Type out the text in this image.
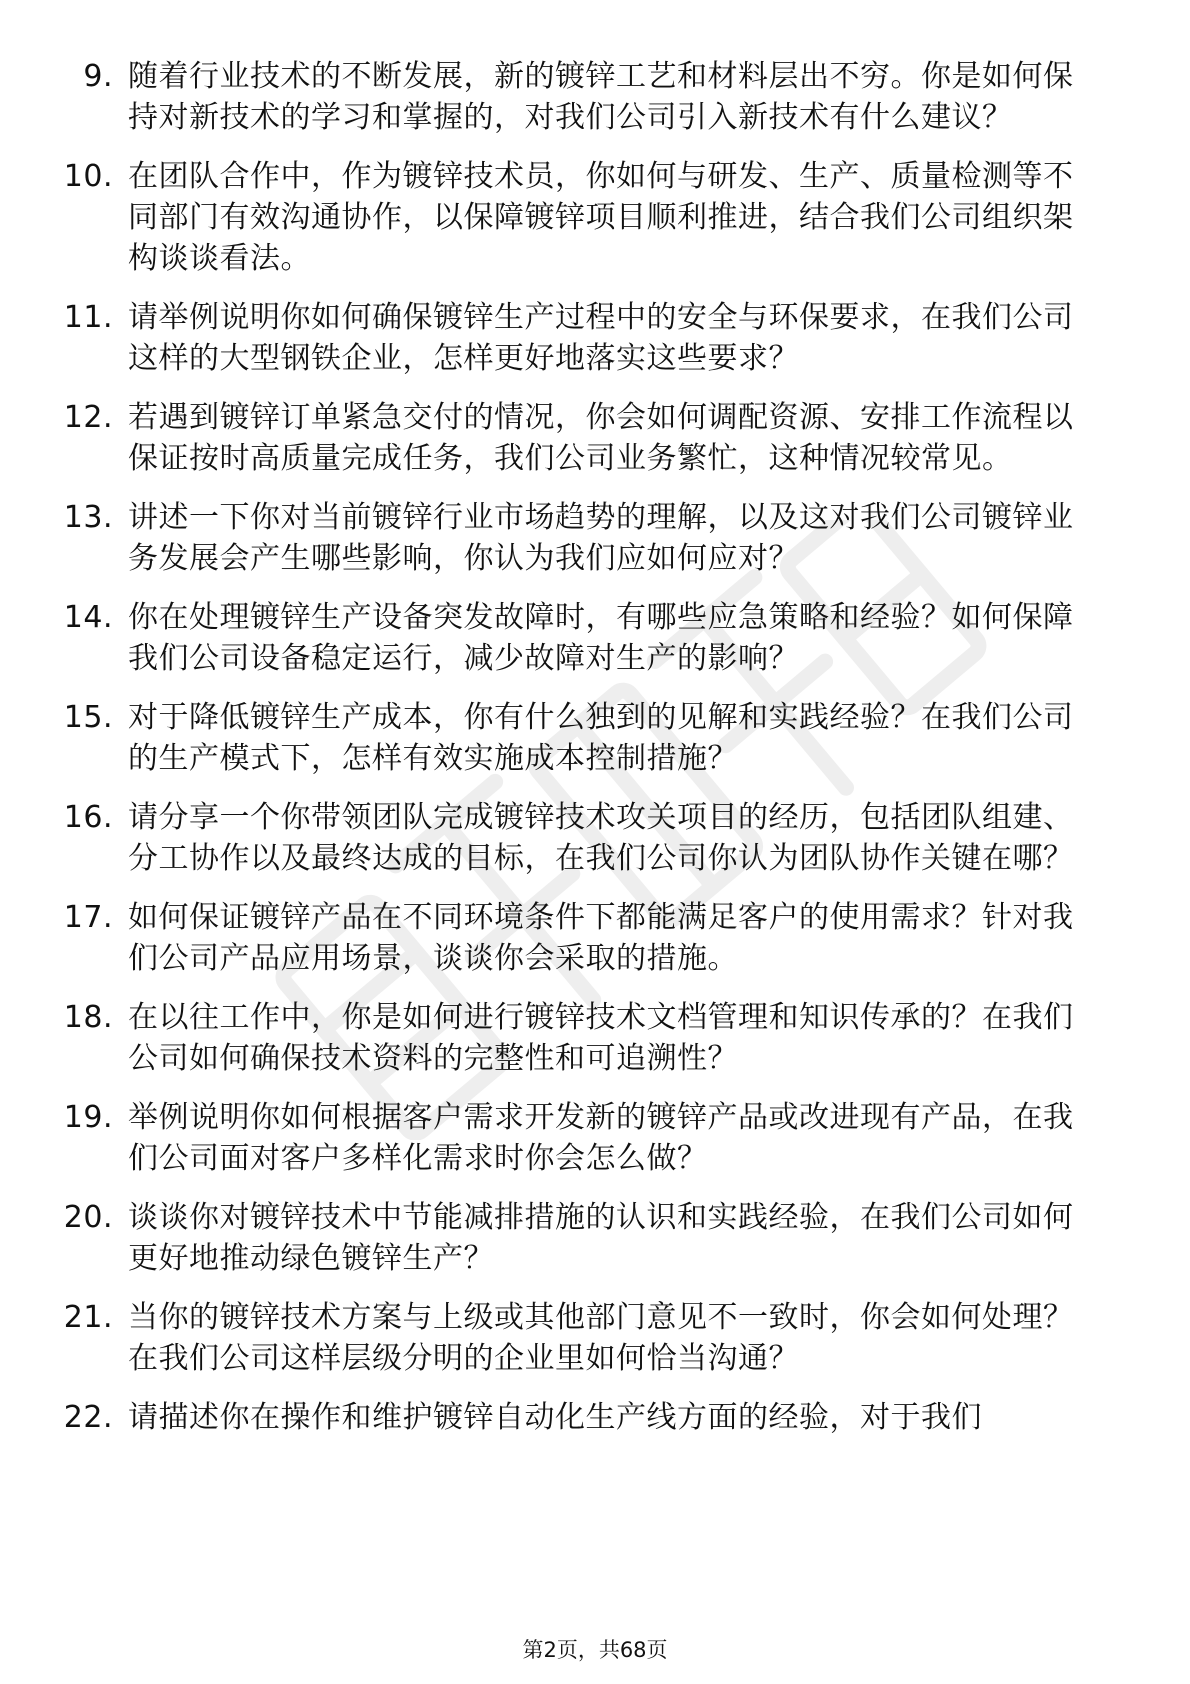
9. 随着行业技术的不断发展，新的镀锌工艺和材料层出不穷。你是如何保持对新技术的学习和掌握的，对我们公司引入新技术有什么建议？
10. 在团队合作中，作为镀锌技术员，你如何与研发、生产、质量检测等不同部门有效沟通协作，以保障镀锌项目顺利推进，结合我们公司组织架构谈谈看法。
11. 请举例说明你如何确保镀锌生产过程中的安全与环保要求，在我们公司这样的大型钢铁企业，怎样更好地落实这些要求？
12. 若遇到镀锌订单紧急交付的情况，你会如何调配资源、安排工作流程以保证按时高质量完成任务，我们公司业务繁忙，这种情况较常见。
13. 讲述一下你对当前镀锌行业市场趋势的理解，以及这对我们公司镀锌业务发展会产生哪些影响，你认为我们应如何应对？
14. 你在处理镀锌生产设备突发故障时，有哪些应急策略和经验？如何保障我们公司设备稳定运行，减少故障对生产的影响？
15. 对于降低镀锌生产成本，你有什么独到的见解和实践经验？在我们公司的生产模式下，怎样有效实施成本控制措施？
16. 请分享一个你带领团队完成镀锌技术攻关项目的经历，包括团队组建、分工协作以及最终达成的目标，在我们公司你认为团队协作关键在哪？
17. 如何保证镀锌产品在不同环境条件下都能满足客户的使用需求？针对我们公司产品应用场景，谈谈你会采取的措施。
18. 在以往工作中，你是如何进行镀锌技术文档管理和知识传承的？在我们公司如何确保技术资料的完整性和可追溯性？
19. 举例说明你如何根据客户需求开发新的镀锌产品或改进现有产品，在我们公司面对客户多样化需求时你会怎么做？
20. 谈谈你对镀锌技术中节能减排措施的认识和实践经验，在我们公司如何更好地推动绿色镀锌生产？
21. 当你的镀锌技术方案与上级或其他部门意见不一致时，你会如何处理？在我们公司这样层级分明的企业里如何恰当沟通？
22. 请描述你在操作和维护镀锌自动化生产线方面的经验，对于我们
第2页，共68页
